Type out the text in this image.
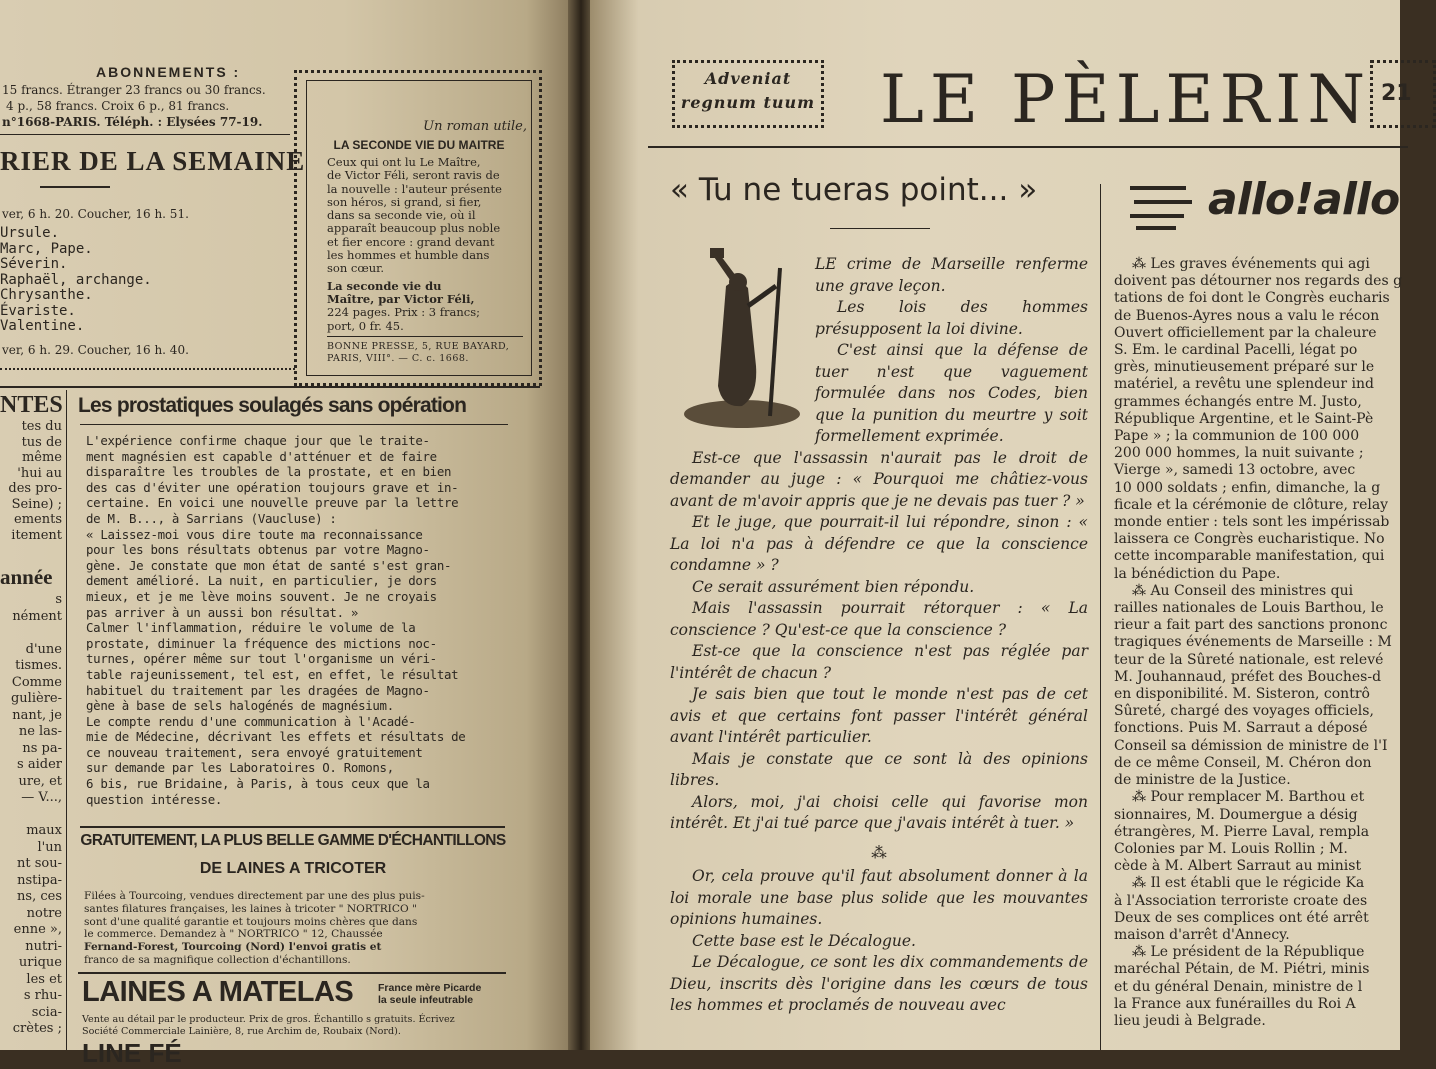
ABONNEMENTS :
15 francs. Étranger 23 francs ou 30 francs.
4 p., 58 francs. Croix 6 p., 81 francs.
n°1668-PARIS. Téléph. : Elysées 77-19.
RIER DE LA SEMAINE
ver, 6 h. 20. Coucher, 16 h. 51.
Ursule.
Marc, Pape.
Séverin.
Raphaël, archange.
Chrysanthe.
Évariste.
Valentine.
ver, 6 h. 29. Coucher, 16 h. 40.
Un roman utile,
LA SECONDE VIE DU MAITRE
Ceux qui ont lu Le Maître,
de Victor Féli, seront ravis de
la nouvelle : l'auteur présente
son héros, si grand, si fier,
dans sa seconde vie, où il
apparaît beaucoup plus noble
et fier encore : grand devant
les hommes et humble dans
son cœur.
La seconde vie du
Maître, par Victor Féli,
224 pages. Prix : 3 francs;
port, 0 fr. 45.
BONNE PRESSE, 5, RUE BAYARD,
PARIS, VIII°. — C. c. 1668.
NTES
tes du
tus de
même
'hui au
des pro-
Seine) ;
ements
itement
année
s
nément

d'une
tismes.
Comme
gulière-
nant, je
ne las-
ns pa-
s aider
ure, et
— V...,

maux
l'un
nt sou-
nstipa-
ns, ces
notre
enne »,
nutri-
urique
les et
s rhu-
scia-
crètes ;
Les prostatiques soulagés sans opération
L'expérience confirme chaque jour que le traite-
ment magnésien est capable d'atténuer et de faire
disparaître les troubles de la prostate, et en bien
des cas d'éviter une opération toujours grave et in-
certaine. En voici une nouvelle preuve par la lettre
de M. B..., à Sarrians (Vaucluse) :
« Laissez-moi vous dire toute ma reconnaissance
pour les bons résultats obtenus par votre Magno-
gène. Je constate que mon état de santé s'est gran-
dement amélioré. La nuit, en particulier, je dors
mieux, et je me lève moins souvent. Je ne croyais
pas arriver à un aussi bon résultat. »
Calmer l'inflammation, réduire le volume de la
prostate, diminuer la fréquence des mictions noc-
turnes, opérer même sur tout l'organisme un véri-
table rajeunissement, tel est, en effet, le résultat
habituel du traitement par les dragées de Magno-
gène à base de sels halogénés de magnésium.
Le compte rendu d'une communication à l'Acadé-
mie de Médecine, décrivant les effets et résultats de
ce nouveau traitement, sera envoyé gratuitement
sur demande par les Laboratoires O. Romons,
6 bis, rue Bridaine, à Paris, à tous ceux que la
question intéresse.
GRATUITEMENT, LA PLUS BELLE GAMME D'ÉCHANTILLONS
DE LAINES A TRICOTER
Filées à Tourcoing, vendues directement par une des plus puis-
santes filatures françaises, les laines à tricoter " NORTRICO "
sont d'une qualité garantie et toujours moins chères que dans
le commerce. Demandez à " NORTRICO " 12, Chaussée
Fernand-Forest, Tourcoing (Nord) l'envoi gratis et
franco de sa magnifique collection d'échantillons.
LAINES A MATELAS France mère Picarde
la seule infeutrable
Vente au détail par le producteur. Prix de gros. Échantillo s gratuits. Écrivez
Société Commerciale Lainière, 8, rue Archim de, Roubaix (Nord).
LINE FÉ
Adveniat
regnum tuum LE PÈLERIN 21
« Tu ne tueras point... »
LE crime de Marseille renferme une grave leçon.
Les lois des hommes présupposent la loi divine.
C'est ainsi que la défense de tuer n'est que vaguement formulée dans nos Codes, bien que la punition du meurtre y soit formellement exprimée.
Est-ce que l'assassin n'aurait pas le droit de demander au juge : « Pourquoi me châtiez-vous avant de m'avoir appris que je ne devais pas tuer ? »
Et le juge, que pourrait-il lui répondre, sinon : « La loi n'a pas à défendre ce que la conscience condamne » ?
Ce serait assurément bien répondu.
Mais l'assassin pourrait rétorquer : « La conscience ? Qu'est-ce que la conscience ?
Est-ce que la conscience n'est pas réglée par l'intérêt de chacun ?
Je sais bien que tout le monde n'est pas de cet avis et que certains font passer l'intérêt général avant l'intérêt particulier.
Mais je constate que ce sont là des opinions libres.
Alors, moi, j'ai choisi celle qui favorise mon intérêt. Et j'ai tué parce que j'avais intérêt à tuer. »
⁂
Or, cela prouve qu'il faut absolument donner à la loi morale une base plus solide que les mouvantes opinions humaines.
Cette base est le Décalogue.
Le Décalogue, ce sont les dix commandements de Dieu, inscrits dès l'origine dans les cœurs de tous les hommes et proclamés de nouveau avec
allo!allo
⁂ Les graves événements qui agi
doivent pas détourner nos regards des g
tations de foi dont le Congrès eucharis
de Buenos-Ayres nous a valu le récon
Ouvert officiellement par la chaleure
S. Em. le cardinal Pacelli, légat po
grès, minutieusement préparé sur le
matériel, a revêtu une splendeur ind
grammes échangés entre M. Justo,
République Argentine, et le Saint-Pè
Pape » ; la communion de 100 000
200 000 hommes, la nuit suivante ;
Vierge », samedi 13 octobre, avec
10 000 soldats ; enfin, dimanche, la g
ficale et la cérémonie de clôture, relay
monde entier : tels sont les impérissab
laissera ce Congrès eucharistique. No
cette incomparable manifestation, qui
la bénédiction du Pape.
⁂ Au Conseil des ministres qui
railles nationales de Louis Barthou, le
rieur a fait part des sanctions prononc
tragiques événements de Marseille : M
teur de la Sûreté nationale, est relevé
M. Jouhannaud, préfet des Bouches-d
en disponibilité. M. Sisteron, contrô
Sûreté, chargé des voyages officiels,
fonctions. Puis M. Sarraut a déposé
Conseil sa démission de ministre de l'I
de ce même Conseil, M. Chéron don
de ministre de la Justice.
⁂ Pour remplacer M. Barthou et
sionnaires, M. Doumergue a désig
étrangères, M. Pierre Laval, rempla
Colonies par M. Louis Rollin ; M.
cède à M. Albert Sarraut au minist
⁂ Il est établi que le régicide Ka
à l'Association terroriste croate des
Deux de ses complices ont été arrêt
maison d'arrêt d'Annecy.
⁂ Le président de la République
maréchal Pétain, de M. Piétri, minis
et du général Denain, ministre de l
la France aux funérailles du Roi A
lieu jeudi à Belgrade.
